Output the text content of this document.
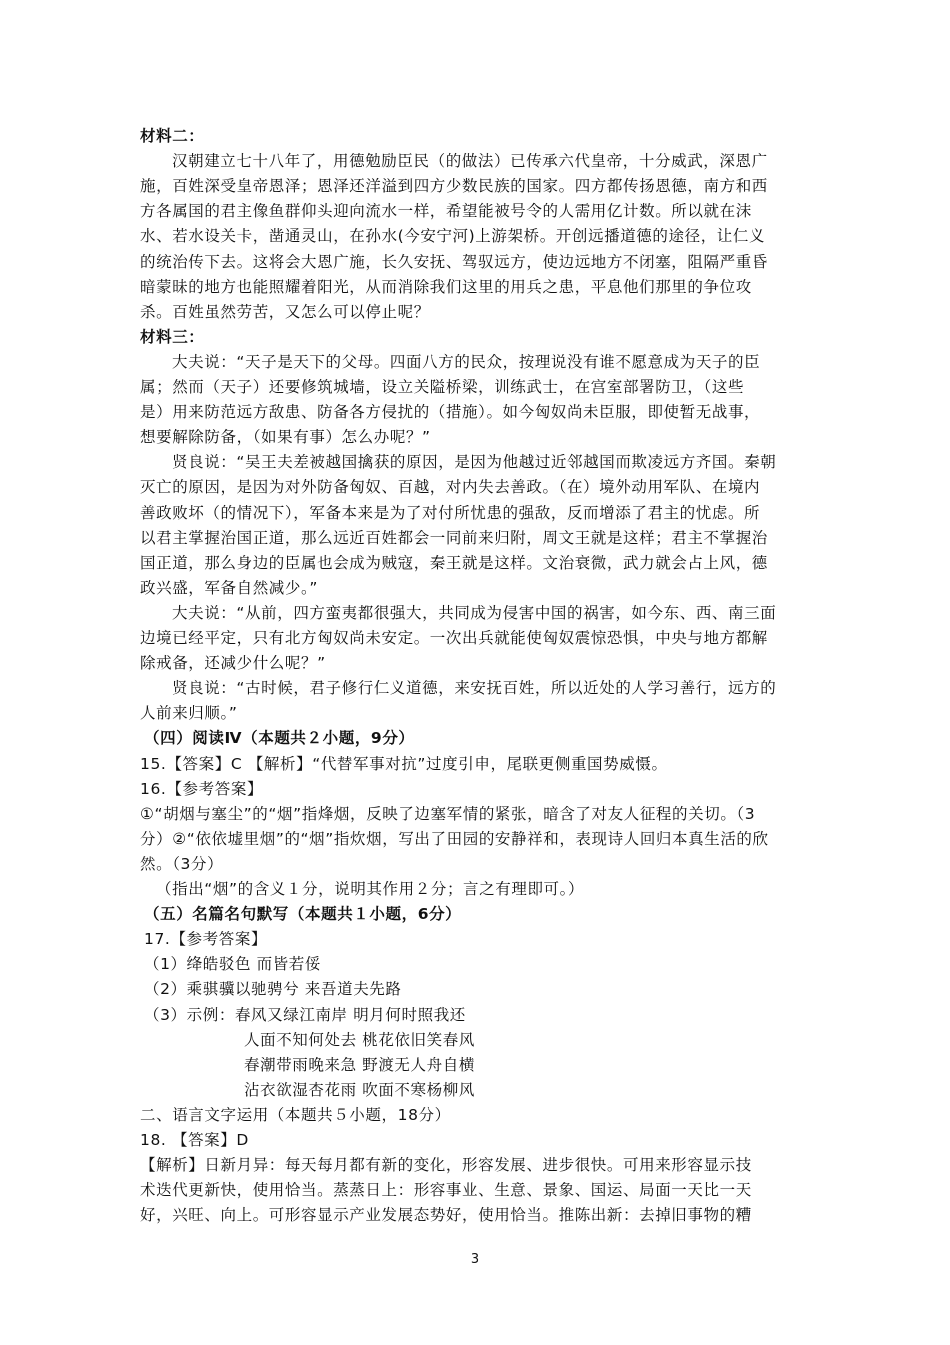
材料二：
汉朝建立七十八年了，用德勉励臣民（的做法）已传承六代皇帝，十分威武，深恩广
施，百姓深受皇帝恩泽；恩泽还洋溢到四方少数民族的国家。四方都传扬恩德，南方和西
方各属国的君主像鱼群仰头迎向流水一样，希望能被号令的人需用亿计数。所以就在沫
水、若水设关卡，凿通灵山，在孙水(今安宁河)上游架桥。开创远播道德的途径，让仁义
的统治传下去。这将会大恩广施，长久安抚、驾驭远方，使边远地方不闭塞，阻隔严重昏
暗蒙昧的地方也能照耀着阳光，从而消除我们这里的用兵之患，平息他们那里的争位攻
杀。百姓虽然劳苦，又怎么可以停止呢？
材料三：
大夫说：“天子是天下的父母。四面八方的民众，按理说没有谁不愿意成为天子的臣
属；然而（天子）还要修筑城墙，设立关隘桥梁，训练武士，在宫室部署防卫，（这些
是）用来防范远方敌患、防备各方侵扰的（措施）。如今匈奴尚未臣服，即使暂无战事，
想要解除防备，（如果有事）怎么办呢？”
贤良说：“吴王夫差被越国擒获的原因，是因为他越过近邻越国而欺凌远方齐国。秦朝
灭亡的原因，是因为对外防备匈奴、百越，对内失去善政。（在）境外动用军队、在境内
善政败坏（的情况下），军备本来是为了对付所忧患的强敌，反而增添了君主的忧虑。所
以君主掌握治国正道，那么远近百姓都会一同前来归附，周文王就是这样；君主不掌握治
国正道，那么身边的臣属也会成为贼寇，秦王就是这样。文治衰微，武力就会占上风，德
政兴盛，军备自然减少。”
大夫说：“从前，四方蛮夷都很强大，共同成为侵害中国的祸害，如今东、西、南三面
边境已经平定，只有北方匈奴尚未安定。一次出兵就能使匈奴震惊恐惧，中央与地方都解
除戒备，还减少什么呢？”
贤良说：“古时候，君子修行仁义道德，来安抚百姓，所以近处的人学习善行，远方的
人前来归顺。”
（四）阅读Ⅳ（本题共２小题，9分）
15.【答案】C 【解析】“代替军事对抗”过度引申，尾联更侧重国势威慑。
16.【参考答案】
①“胡烟与塞尘”的“烟”指烽烟，反映了边塞军情的紧张，暗含了对友人征程的关切。（3
分）②“依依墟里烟”的“烟”指炊烟，写出了田园的安静祥和，表现诗人回归本真生活的欣
然。（3分）
（指出“烟”的含义１分，说明其作用２分；言之有理即可。）
（五）名篇名句默写（本题共１小题，6分）
17.【参考答案】
（1）绛皓驳色 而皆若俀
（2）乘骐骥以驰骋兮 来吾道夫先路
（3）示例：春风又绿江南岸 明月何时照我还
人面不知何处去 桃花依旧笑春风
春潮带雨晚来急 野渡无人舟自横
沾衣欲湿杏花雨 吹面不寒杨柳风
二、语言文字运用（本题共５小题，18分）
18. 【答案】D
【解析】日新月异：每天每月都有新的变化，形容发展、进步很快。可用来形容显示技
术迭代更新快，使用恰当。蒸蒸日上：形容事业、生意、景象、国运、局面一天比一天
好，兴旺、向上。可形容显示产业发展态势好，使用恰当。推陈出新：去掉旧事物的糟
3
